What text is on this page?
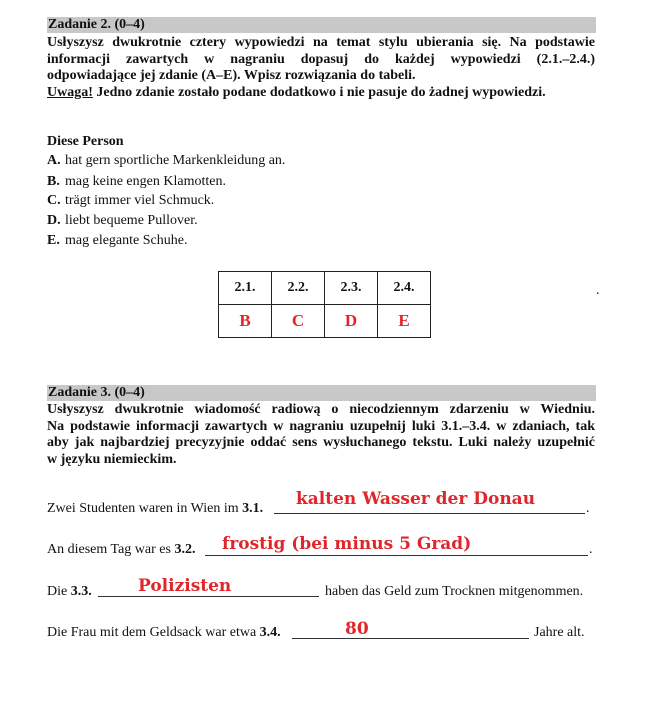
Zadanie 2. (0–4)
Usłyszysz dwukrotnie cztery wypowiedzi na temat stylu ubierania się. Na podstawie
informacji zawartych w nagraniu dopasuj do każdej wypowiedzi (2.1.–2.4.)
odpowiadające jej zdanie (A–E). Wpisz rozwiązania do tabeli.
Uwaga! Jedno zdanie zostało podane dodatkowo i nie pasuje do żadnej wypowiedzi.
Diese Person
A. hat gern sportliche Markenkleidung an.
B. mag keine engen Klamotten.
C. trägt immer viel Schmuck.
D. liebt bequeme Pullover.
E. mag elegante Schuhe.
2.1.	2.2.	2.3.	2.4.
B	C	D	E
.
Zadanie 3. (0–4)
Usłyszysz dwukrotnie wiadomość radiową o niecodziennym zdarzeniu w Wiedniu.
Na podstawie informacji zawartych w nagraniu uzupełnij luki 3.1.–3.4. w zdaniach, tak
aby jak najbardziej precyzyjnie oddać sens wysłuchanego tekstu. Luki należy uzupełnić
w języku niemieckim.
Zwei Studenten waren in Wien im 3.1.	.
kalten Wasser der Donau
An diesem Tag war es 3.2.	.
frostig (bei minus 5 Grad)
Die 3.3.	haben das Geld zum Trocknen mitgenommen.
Polizisten
Die Frau mit dem Geldsack war etwa 3.4.	Jahre alt.
80
